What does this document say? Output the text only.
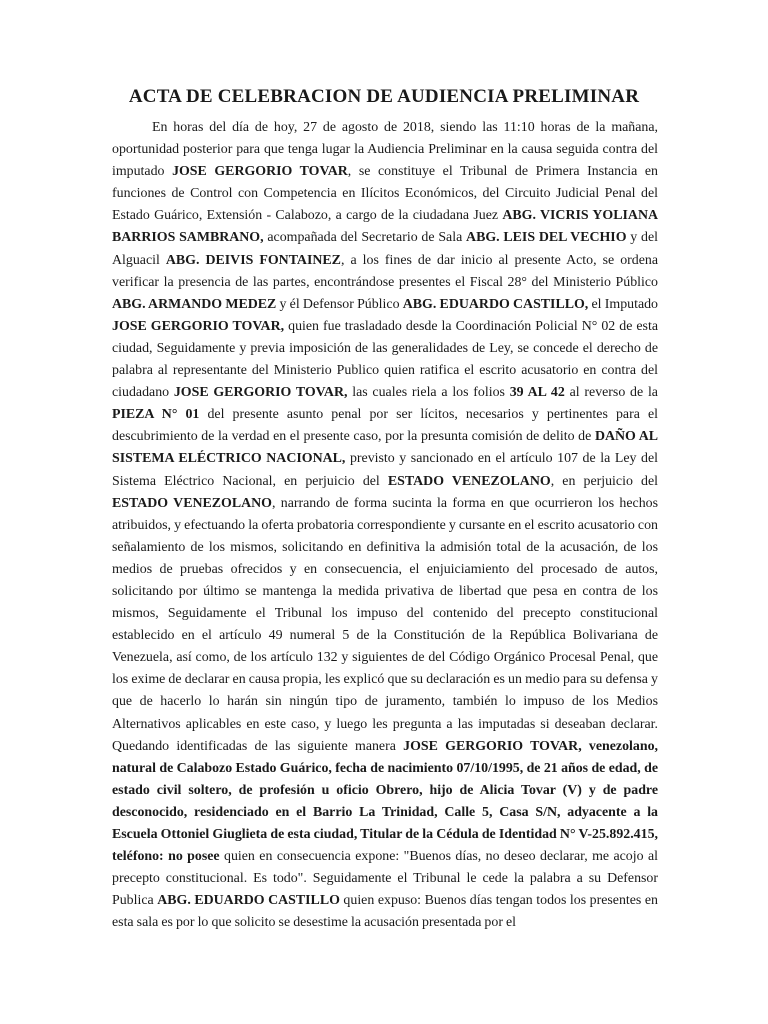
ACTA DE CELEBRACION DE AUDIENCIA PRELIMINAR

En horas del día de hoy, 27 de agosto de 2018, siendo las 11:10 horas de la mañana, oportunidad posterior para que tenga lugar la Audiencia Preliminar en la causa seguida contra del imputado JOSE GERGORIO TOVAR, se constituye el Tribunal de Primera Instancia en funciones de Control con Competencia en Ilícitos Económicos, del Circuito Judicial Penal del Estado Guárico, Extensión - Calabozo, a cargo de la ciudadana Juez ABG. VICRIS YOLIANA BARRIOS SAMBRANO, acompañada del Secretario de Sala ABG. LEIS DEL VECHIO y del Alguacil ABG. DEIVIS FONTAINEZ, a los fines de dar inicio al presente Acto, se ordena verificar la presencia de las partes, encontrándose presentes el Fiscal 28° del Ministerio Público ABG. ARMANDO MEDEZ y él Defensor Público ABG. EDUARDO CASTILLO, el Imputado JOSE GERGORIO TOVAR, quien fue trasladado desde la Coordinación Policial N° 02 de esta ciudad, Seguidamente y previa imposición de las generalidades de Ley, se concede el derecho de palabra al representante del Ministerio Publico quien ratifica el escrito acusatorio en contra del ciudadano JOSE GERGORIO TOVAR, las cuales riela a los folios 39 AL 42 al reverso de la PIEZA N° 01 del presente asunto penal por ser lícitos, necesarios y pertinentes para el descubrimiento de la verdad en el presente caso, por la presunta comisión de delito de DAÑO AL SISTEMA ELÉCTRICO NACIONAL, previsto y sancionado en el artículo 107 de la Ley del Sistema Eléctrico Nacional, en perjuicio del ESTADO VENEZOLANO, en perjuicio del ESTADO VENEZOLANO, narrando de forma sucinta la forma en que ocurrieron los hechos atribuidos, y efectuando la oferta probatoria correspondiente y cursante en el escrito acusatorio con señalamiento de los mismos, solicitando en definitiva la admisión total de la acusación, de los medios de pruebas ofrecidos y en consecuencia, el enjuiciamiento del procesado de autos, solicitando por último se mantenga la medida privativa de libertad que pesa en contra de los mismos, Seguidamente el Tribunal los impuso del contenido del precepto constitucional establecido en el artículo 49 numeral 5 de la Constitución de la República Bolivariana de Venezuela, así como, de los artículo 132 y siguientes de del Código Orgánico Procesal Penal, que los exime de declarar en causa propia, les explicó que su declaración es un medio para su defensa y que de hacerlo lo harán sin ningún tipo de juramento, también lo impuso de los Medios Alternativos aplicables en este caso, y luego les pregunta a las imputadas si deseaban declarar. Quedando identificadas de las siguiente manera JOSE GERGORIO TOVAR, venezolano, natural de Calabozo Estado Guárico, fecha de nacimiento 07/10/1995, de 21 años de edad, de estado civil soltero, de profesión u oficio Obrero, hijo de Alicia Tovar (V) y de padre desconocido, residenciado en el Barrio La Trinidad, Calle 5, Casa S/N, adyacente a la Escuela Ottoniel Giuglieta de esta ciudad, Titular de la Cédula de Identidad N° V-25.892.415, teléfono: no posee quien en consecuencia expone: "Buenos días, no deseo declarar, me acojo al precepto constitucional. Es todo". Seguidamente el Tribunal le cede la palabra a su Defensor Publica ABG. EDUARDO CASTILLO quien expuso: Buenos días tengan todos los presentes en esta sala es por lo que solicito se desestime la acusación presentada por el
